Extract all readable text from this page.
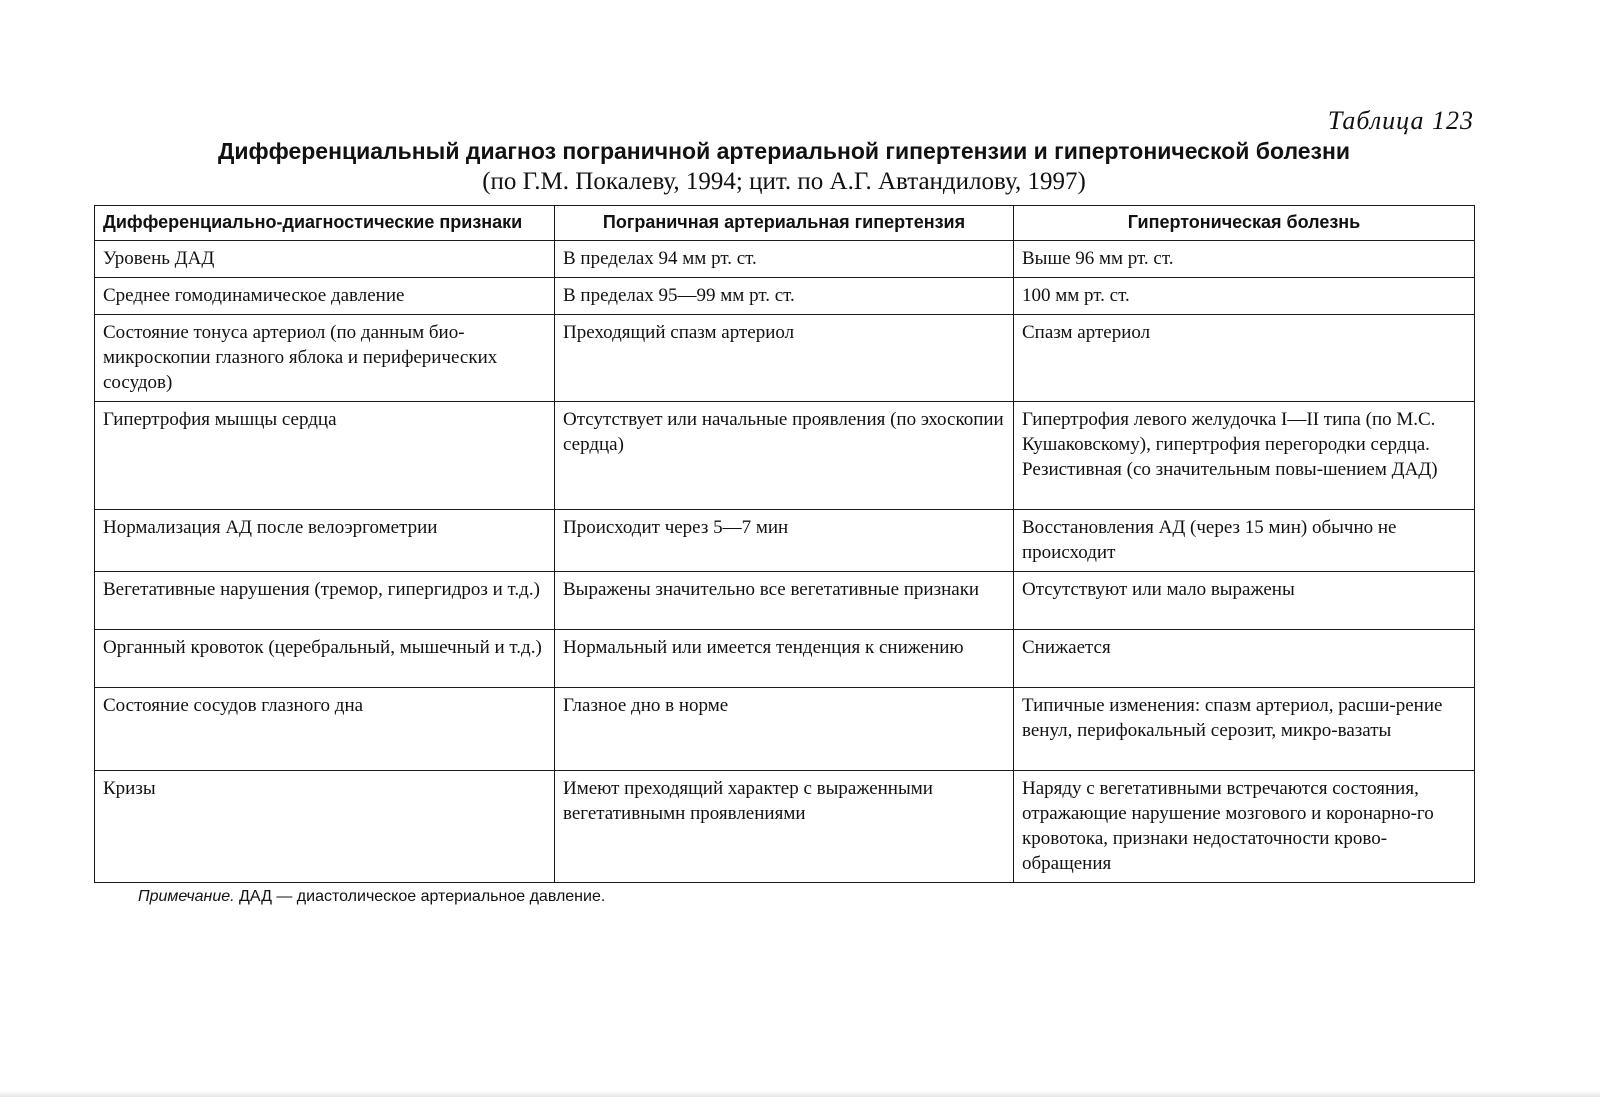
Таблица 123
Дифференциальный диагноз пограничной артериальной гипертензии и гипертонической болезни
(по Г.М. Покалеву, 1994; цит. по А.Г. Автандилову, 1997)
Дифференциально-диагностические признаки	Пограничная артериальная гипертензия	Гипертоническая болезнь
Уровень ДАД	В пределах 94 мм рт. ст.	Выше 96 мм рт. ст.
Среднее гомодинамическое давление	В пределах 95—99 мм рт. ст.	100 мм рт. ст.
Состояние тонуса артериол (по данным био-микроскопии глазного яблока и периферических сосудов)	Преходящий спазм артериол	Спазм артериол
Гипертрофия мышцы сердца	Отсутствует или начальные проявления (по эхоскопии сердца)	Гипертрофия левого желудочка I—II типа (по М.С. Кушаковскому), гипертрофия перегородки сердца. Резистивная (со значительным повы-шением ДАД)
Нормализация АД после велоэргометрии	Происходит через 5—7 мин	Восстановления АД (через 15 мин) обычно не происходит
Вегетативные нарушения (тремор, гипергидроз и т.д.)	Выражены значительно все вегетативные признаки	Отсутствуют или мало выражены
Органный кровоток (церебральный, мышечный и т.д.)	Нормальный или имеется тенденция к снижению	Снижается
Состояние сосудов глазного дна	Глазное дно в норме	Типичные изменения: спазм артериол, расши-рение венул, перифокальный серозит, микро-вазаты
Кризы	Имеют преходящий характер с выраженными вегетативнымн проявлениями	Наряду с вегетативными встречаются состояния, отражающие нарушение мозгового и коронарно-го кровотока, признаки недостаточности крово-обращения
Примечание. ДАД — диастолическое артериальное давление.
